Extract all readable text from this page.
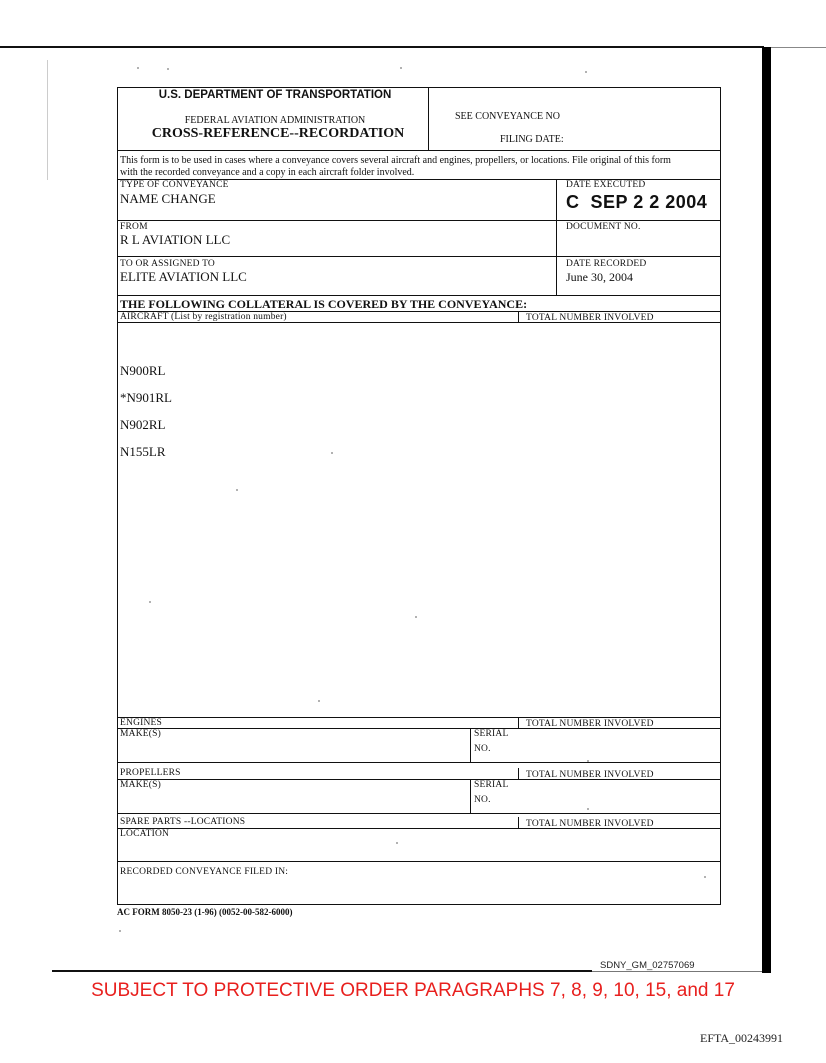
U.S. DEPARTMENT OF TRANSPORTATION
FEDERAL AVIATION ADMINISTRATION
CROSS-REFERENCE--RECORDATION
SEE CONVEYANCE NO
FILING DATE:
This form is to be used in cases where a conveyance covers several aircraft and engines, propellers, or locations. File original of this form
with the recorded conveyance and a copy in each aircraft folder involved.
TYPE OF CONVEYANCE
NAME CHANGE
DATE EXECUTED
C  SEP 2 2 2004
FROM
R L AVIATION LLC
DOCUMENT NO.
TO OR ASSIGNED TO
ELITE AVIATION LLC
DATE RECORDED
June 30, 2004
THE FOLLOWING COLLATERAL IS COVERED BY THE CONVEYANCE:
AIRCRAFT (List by registration number)	TOTAL NUMBER INVOLVED
N900RL
*N901RL
N902RL
N155LR
ENGINES	TOTAL NUMBER INVOLVED
MAKE(S)	SERIAL
NO.
PROPELLERS	TOTAL NUMBER INVOLVED
MAKE(S)	SERIAL
NO.
SPARE PARTS --LOCATIONS	TOTAL NUMBER INVOLVED
LOCATION
RECORDED CONVEYANCE FILED IN:
AC FORM 8050-23 (1-96) (0052-00-582-6000)
SDNY_GM_02757069
SUBJECT TO PROTECTIVE ORDER PARAGRAPHS 7, 8, 9, 10, 15, and 17
EFTA_00243991
